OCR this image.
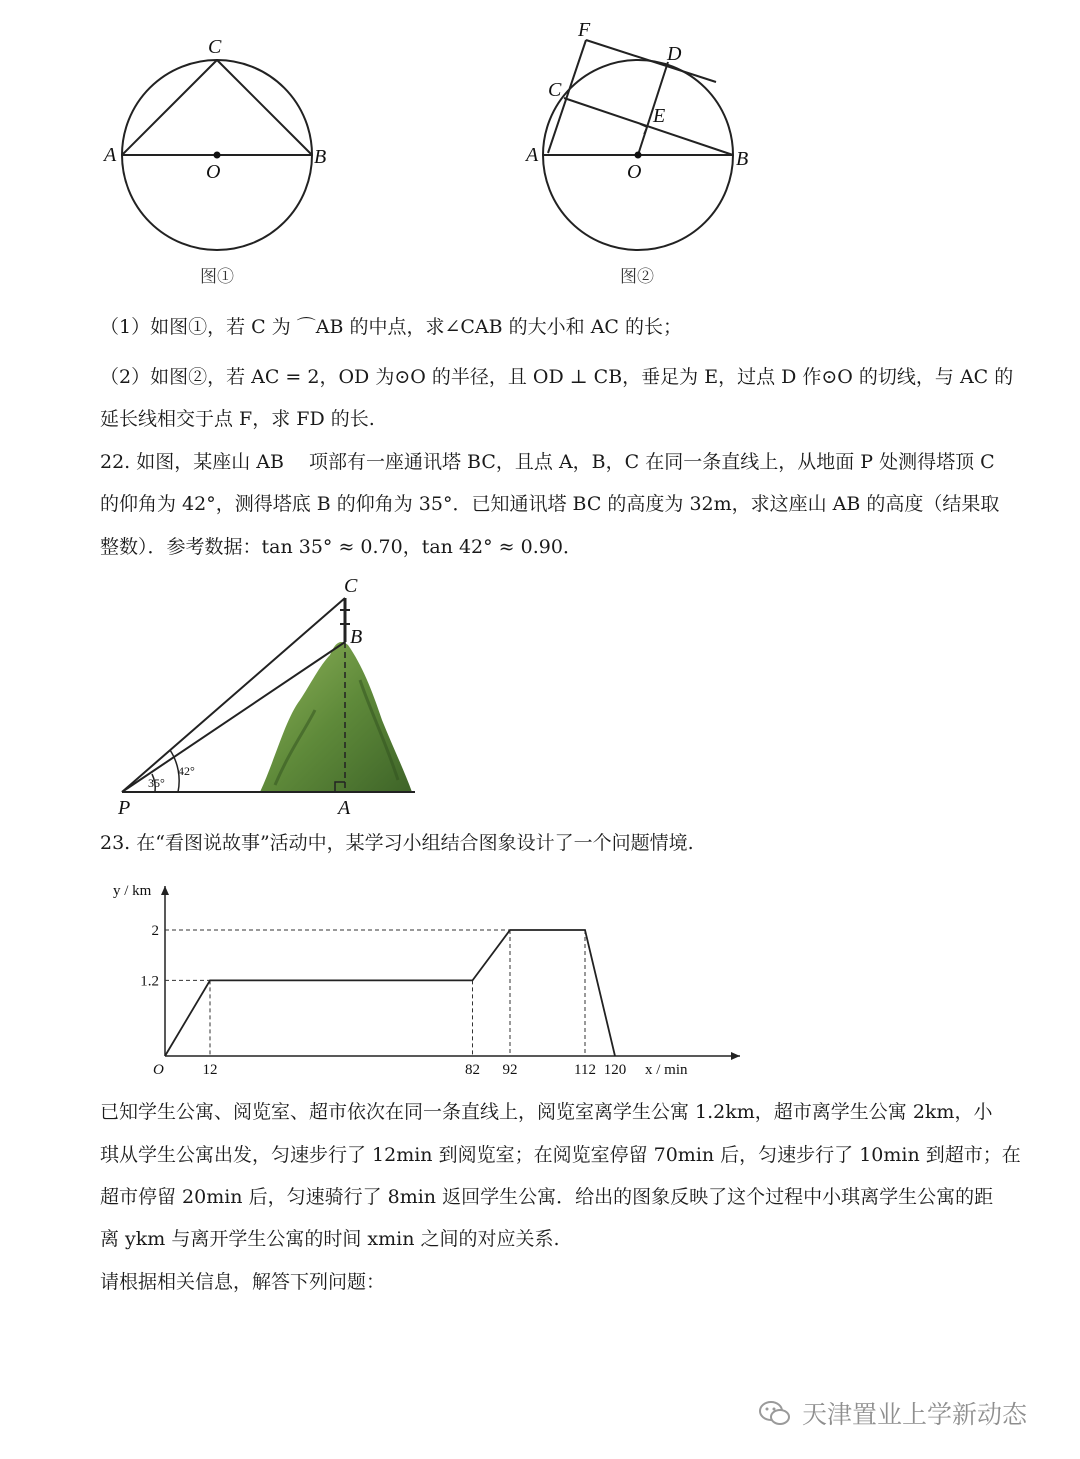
A	B
C
O
图①
F
D
C
E
A	B
O
图②
（1）如图①，若 C 为 ⌒AB 的中点，求∠CAB 的大小和 AC 的长；
（2）如图②，若 AC = 2，OD 为⊙O 的半径，且 OD ⊥ CB，垂足为 E，过点 D 作⊙O 的切线，与 AC 的
延长线相交于点 F，求 FD 的长.
22. 如图，某座山 AB 　项部有一座通讯塔 BC，且点 A，B，C 在同一条直线上，从地面 P 处测得塔顶 C
的仰角为 42°，测得塔底 B 的仰角为 35°．已知通讯塔 BC 的高度为 32m，求这座山 AB 的高度（结果取
整数）．参考数据：tan 35° ≈ 0.70，tan 42° ≈ 0.90．
35°
42°
C
B
P	A
23. 在“看图说故事”活动中，某学习小组结合图象设计了一个问题情境.
12	82 92	112 120
1.2
2
y / km
x / min
O
已知学生公寓、阅览室、超市依次在同一条直线上，阅览室离学生公寓 1.2km，超市离学生公寓 2km，小
琪从学生公寓出发，匀速步行了 12min 到阅览室；在阅览室停留 70min 后，匀速步行了 10min 到超市；在
超市停留 20min 后，匀速骑行了 8min 返回学生公寓．给出的图象反映了这个过程中小琪离学生公寓的距
离 ykm 与离开学生公寓的时间 xmin 之间的对应关系.
请根据相关信息，解答下列问题：
天津置业上学新动态
